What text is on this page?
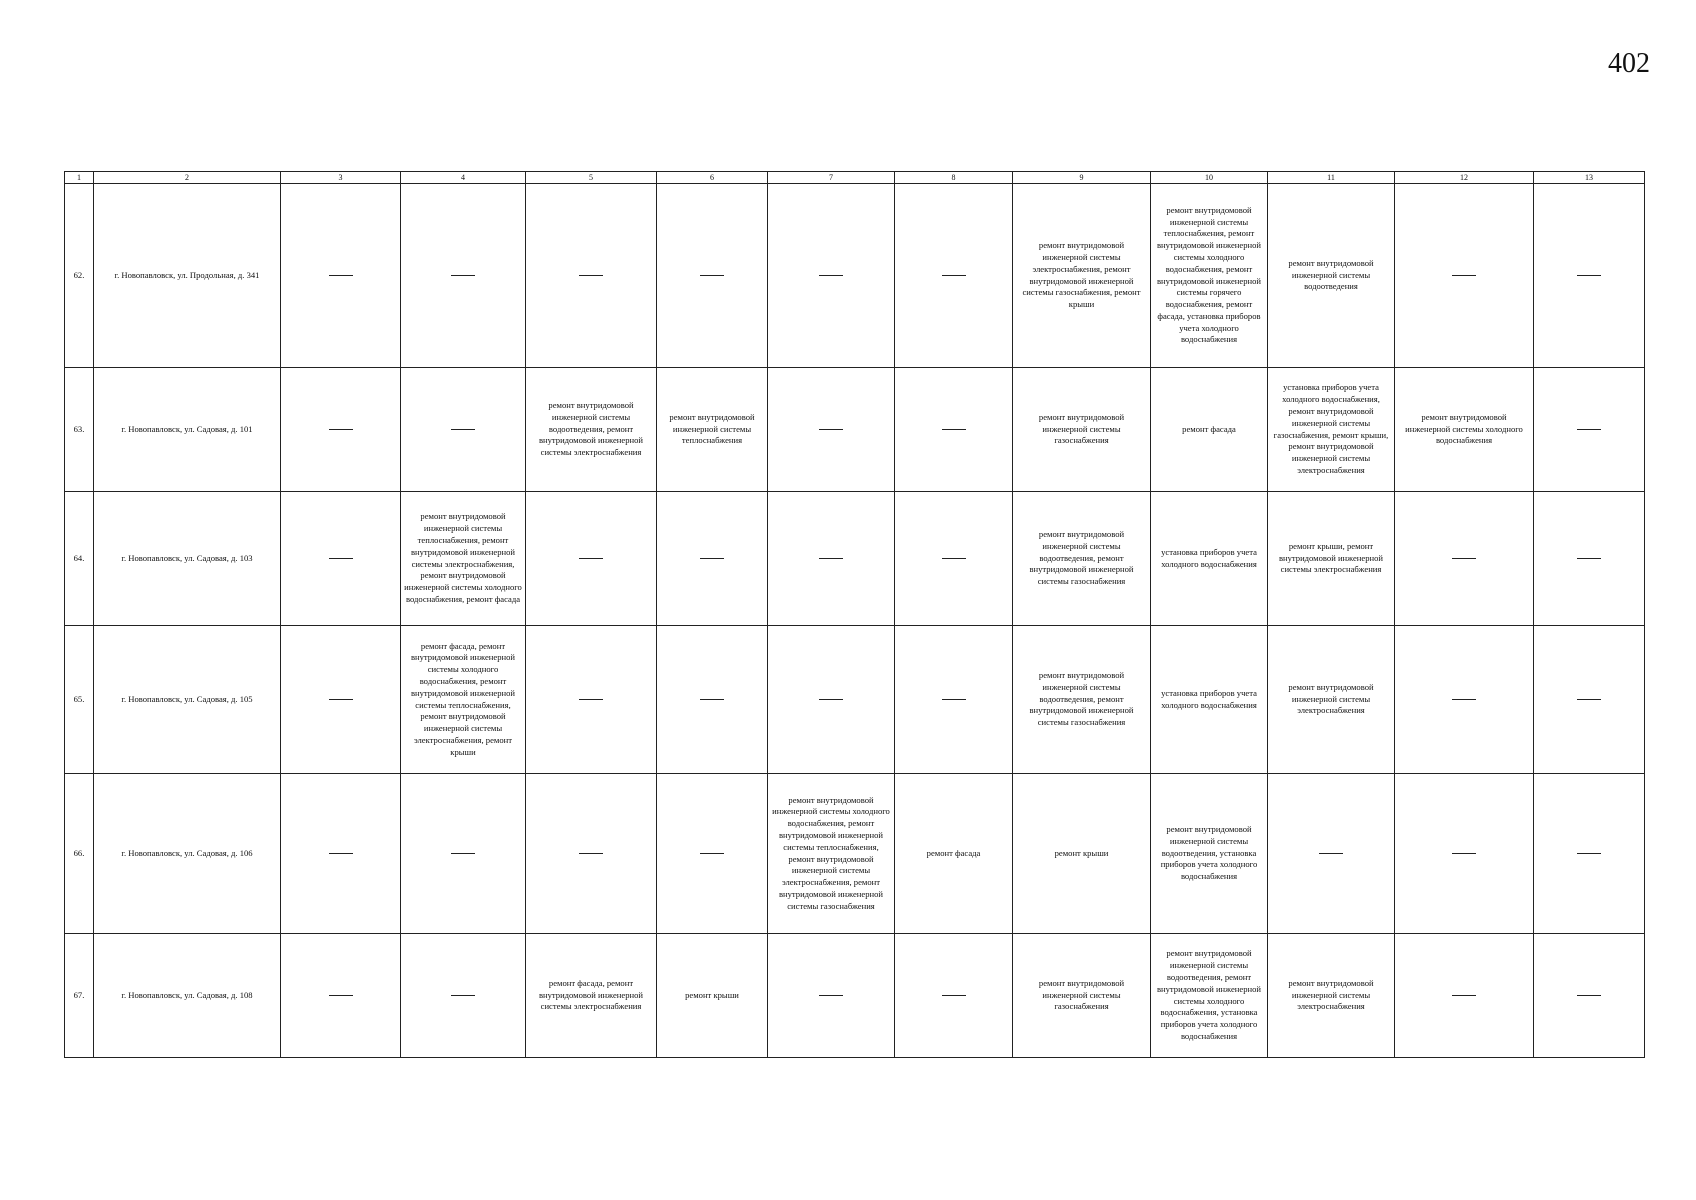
402
1	2	3	4	5	6	7	8	9	10	11	12	13
62.	г. Новопавловск, ул. Продольная, д. 341							ремонт внутридомовой инженерной системы электроснабжения, ремонт внутридомовой инженерной системы газоснабжения, ремонт крыши	ремонт внутридомовой инженерной системы теплоснабжения, ремонт внутридомовой инженерной системы холодного водоснабжения, ремонт внутридомовой инженерной системы горячего водоснабжения, ремонт фасада, установка приборов учета холодного водоснабжения	ремонт внутридомовой инженерной системы водоотведения		

63.	г. Новопавловск, ул. Садовая, д. 101			ремонт внутридомовой инженерной системы водоотведения, ремонт внутридомовой инженерной системы электроснабжения	ремонт внутридомовой инженерной системы теплоснабжения			ремонт внутридомовой инженерной системы газоснабжения	ремонт фасада	установка приборов учета холодного водоснабжения, ремонт внутридомовой инженерной системы газоснабжения, ремонт крыши, ремонт внутридомовой инженерной системы электроснабжения	ремонт внутридомовой инженерной системы холодного водоснабжения	

64.	г. Новопавловск, ул. Садовая, д. 103		ремонт внутридомовой инженерной системы теплоснабжения, ремонт внутридомовой инженерной системы электроснабжения, ремонт внутридомовой инженерной системы холодного водоснабжения, ремонт фасада					ремонт внутридомовой инженерной системы водоотведения, ремонт внутридомовой инженерной системы газоснабжения	установка приборов учета холодного водоснабжения	ремонт крыши, ремонт внутридомовой инженерной системы электроснабжения		

65.	г. Новопавловск, ул. Садовая, д. 105		ремонт фасада, ремонт внутридомовой инженерной системы холодного водоснабжения, ремонт внутридомовой инженерной системы теплоснабжения, ремонт внутридомовой инженерной системы электроснабжения, ремонт крыши					ремонт внутридомовой инженерной системы водоотведения, ремонт внутридомовой инженерной системы газоснабжения	установка приборов учета холодного водоснабжения	ремонт внутридомовой инженерной системы электроснабжения		

66.	г. Новопавловск, ул. Садовая, д. 106					ремонт внутридомовой инженерной системы холодного водоснабжения, ремонт внутридомовой инженерной системы теплоснабжения, ремонт внутридомовой инженерной системы электроснабжения, ремонт внутридомовой инженерной системы газоснабжения	ремонт фасада	ремонт крыши	ремонт внутридомовой инженерной системы водоотведения, установка приборов учета холодного водоснабжения			

67.	г. Новопавловск, ул. Садовая, д. 108			ремонт фасада, ремонт внутридомовой инженерной системы электроснабжения	ремонт крыши			ремонт внутридомовой инженерной системы газоснабжения	ремонт внутридомовой инженерной системы водоотведения, ремонт внутридомовой инженерной системы холодного водоснабжения, установка приборов учета холодного водоснабжения	ремонт внутридомовой инженерной системы электроснабжения		
